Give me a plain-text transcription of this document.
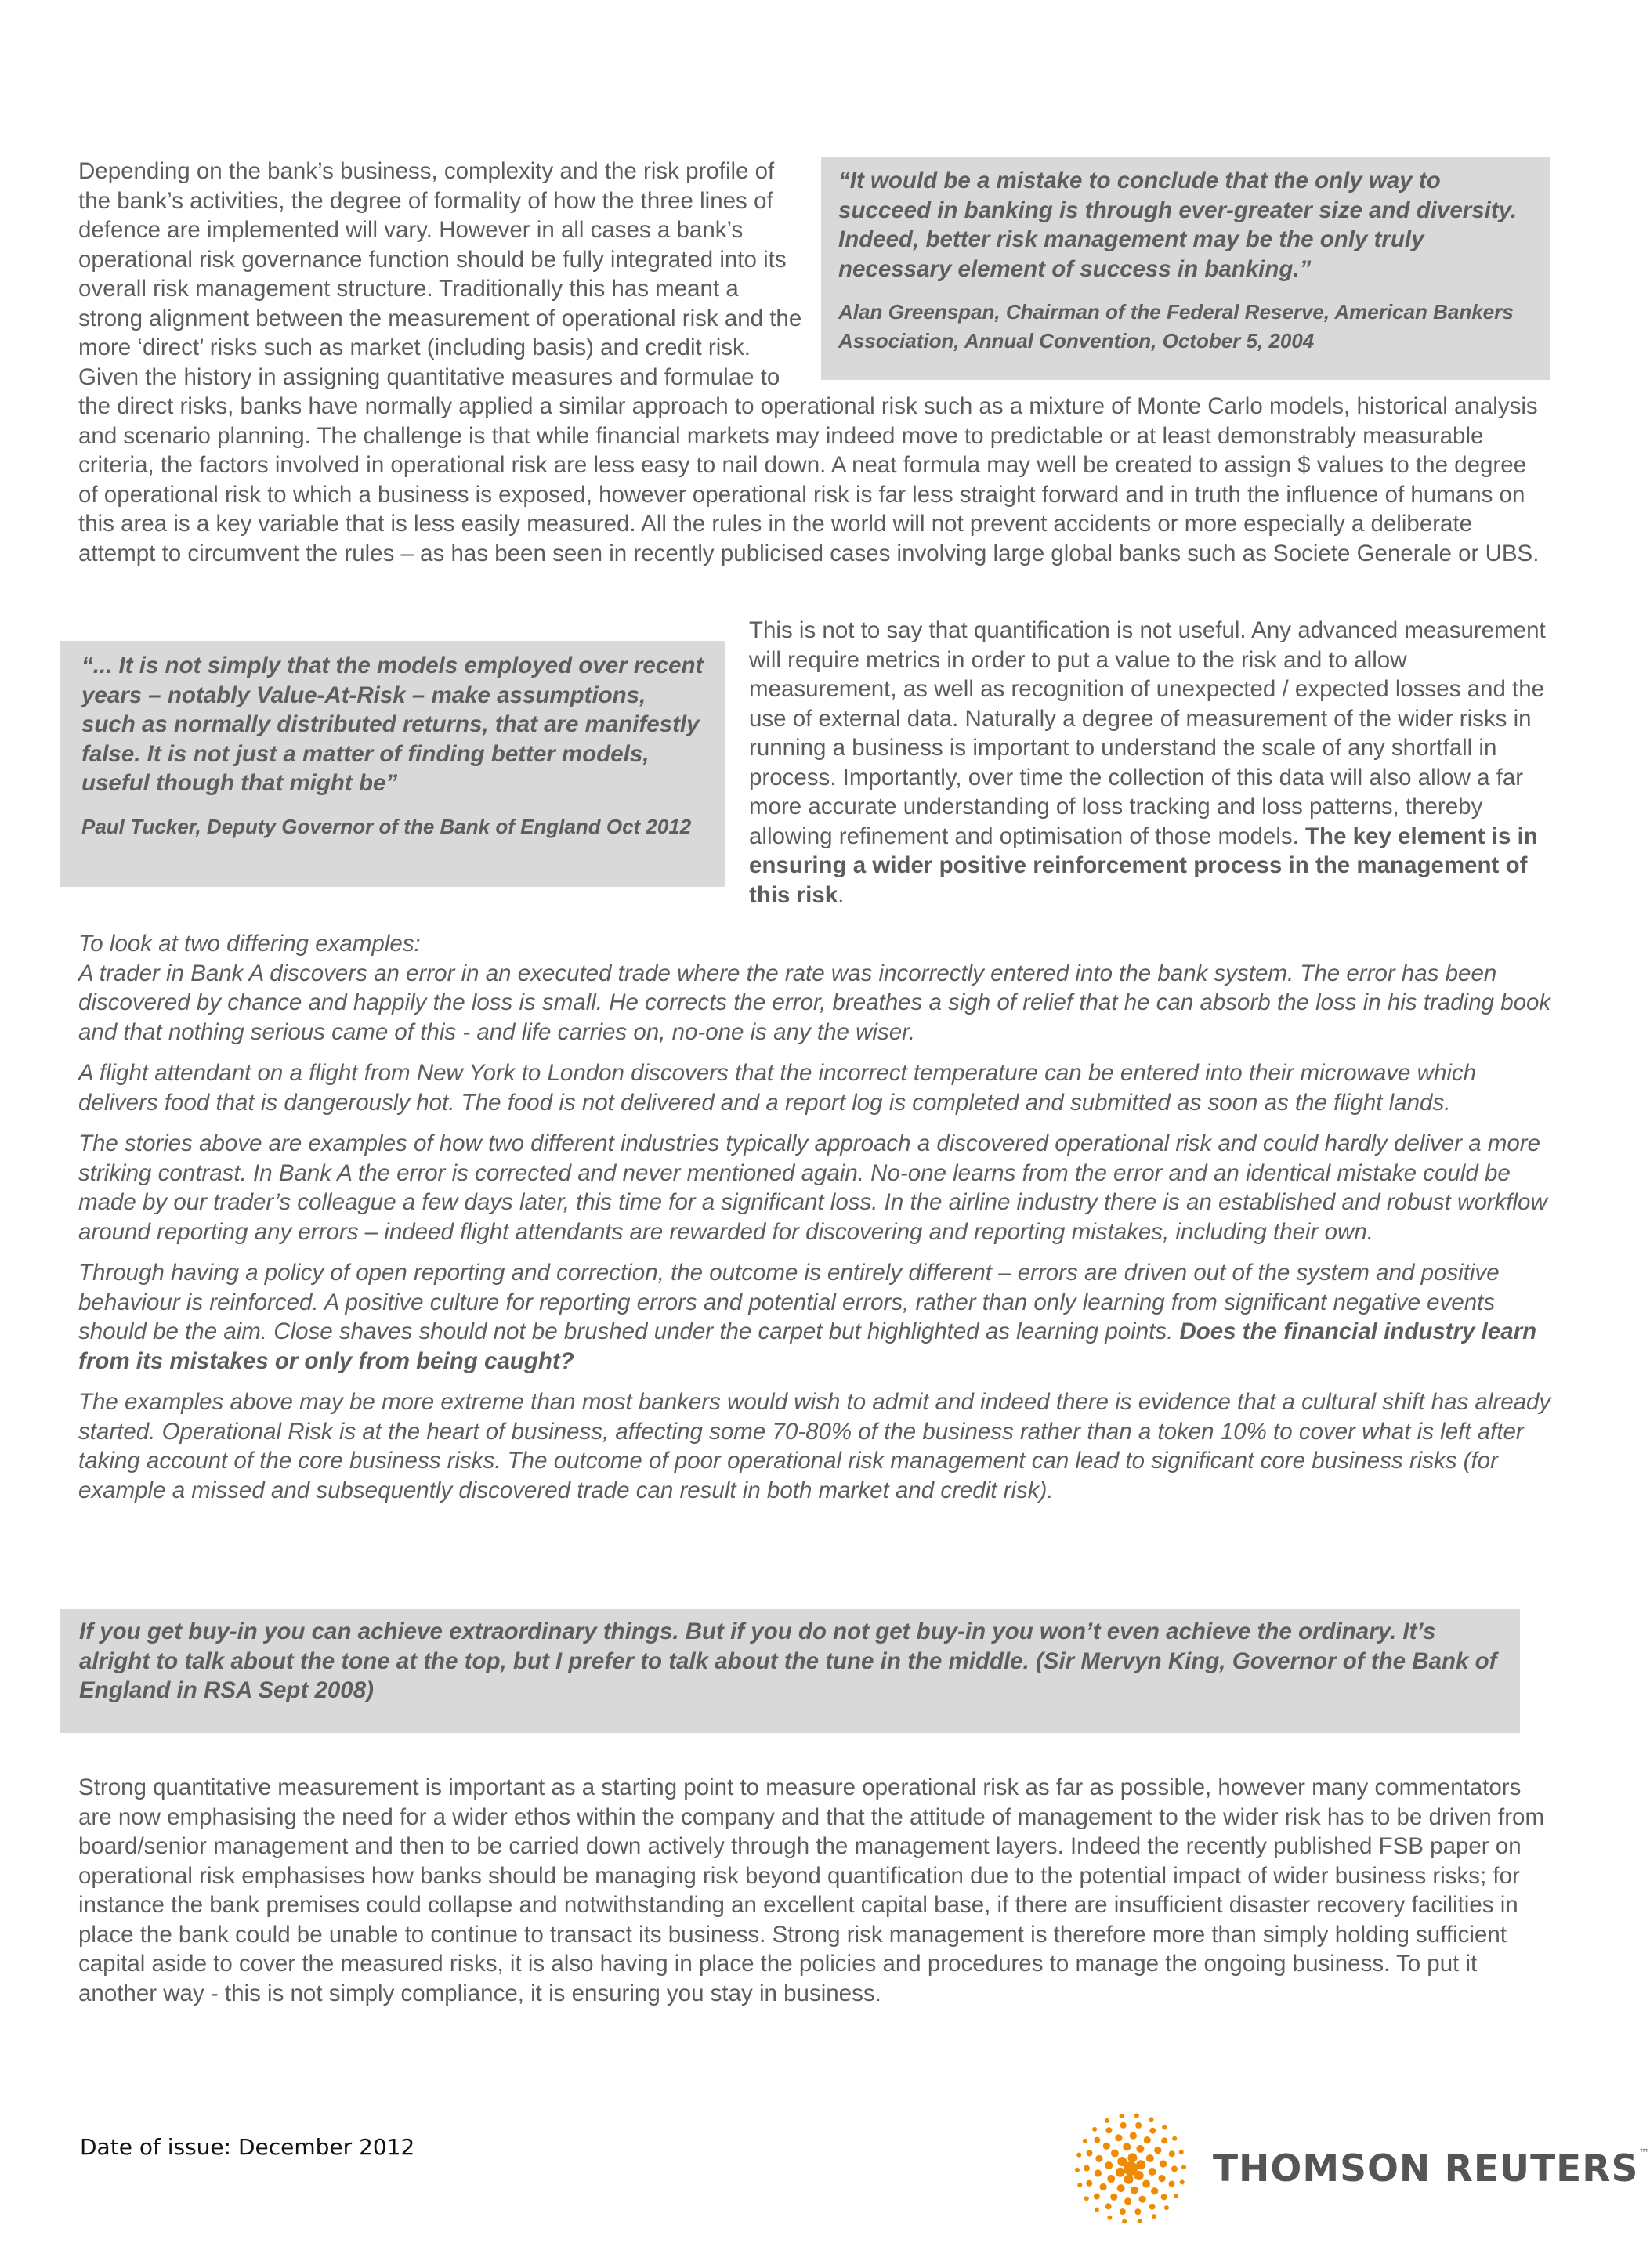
Depending on the bank’s business, complexity and the risk profile of the bank’s activities, the degree of formality of how the three lines of defence are implemented will vary. However in all cases a bank’s operational risk governance function should be fully integrated into its overall risk management structure. Traditionally this has meant a strong alignment between the measurement of operational risk and the more ‘direct’ risks such as market (including basis) and credit risk. Given the history in assigning quantitative measures and formulae to the direct risks, banks have normally applied a similar approach to operational risk such as a mixture of Monte Carlo models, historical analysis and scenario planning. The challenge is that while financial markets may indeed move to predictable or at least demonstrably measurable criteria, the factors involved in operational risk are less easy to nail down. A neat formula may well be created to assign $ values to the degree of operational risk to which a business is exposed, however operational risk is far less straight forward and in truth the influence of humans on this area is a key variable that is less easily measured. All the rules in the world will not prevent accidents or more especially a deliberate attempt to circumvent the rules – as has been seen in recently publicised cases involving large global banks such as Societe Generale or UBS.
“It would be a mistake to conclude that the only way to succeed in banking is through ever-greater size and diversity. Indeed, better risk management may be the only truly necessary element of success in banking.”
Alan Greenspan, Chairman of the Federal Reserve, American Bankers Association, Annual Convention, October 5, 2004
“... It is not simply that the models employed over recent years – notably Value-At-Risk – make assumptions, such as normally distributed returns, that are manifestly false. It is not just a matter of finding better models, useful though that might be”
Paul Tucker, Deputy Governor of the Bank of England Oct 2012
This is not to say that quantification is not useful. Any advanced measurement will require metrics in order to put a value to the risk and to allow measurement, as well as recognition of unexpected / expected losses and the use of external data. Naturally a degree of measurement of the wider risks in running a business is important to understand the scale of any shortfall in process. Importantly, over time the collection of this data will also allow a far more accurate understanding of loss tracking and loss patterns, thereby allowing refinement and optimisation of those models. The key element is in ensuring a wider positive reinforcement process in the management of this risk.

To look at two differing examples:
A trader in Bank A discovers an error in an executed trade where the rate was incorrectly entered into the bank system. The error has been discovered by chance and happily the loss is small. He corrects the error, breathes a sigh of relief that he can absorb the loss in his trading book and that nothing serious came of this - and life carries on, no-one is any the wiser.

A flight attendant on a flight from New York to London discovers that the incorrect temperature can be entered into their microwave which delivers food that is dangerously hot. The food is not delivered and a report log is completed and submitted as soon as the flight lands.

The stories above are examples of how two different industries typically approach a discovered operational risk and could hardly deliver a more striking contrast. In Bank A the error is corrected and never mentioned again. No-one learns from the error and an identical mistake could be made by our trader’s colleague a few days later, this time for a significant loss. In the airline industry there is an established and robust workflow around reporting any errors – indeed flight attendants are rewarded for discovering and reporting mistakes, including their own.

Through having a policy of open reporting and correction, the outcome is entirely different – errors are driven out of the system and positive behaviour is reinforced. A positive culture for reporting errors and potential errors, rather than only learning from significant negative events should be the aim. Close shaves should not be brushed under the carpet but highlighted as learning points. Does the financial industry learn from its mistakes or only from being caught?

The examples above may be more extreme than most bankers would wish to admit and indeed there is evidence that a cultural shift has already started. Operational Risk is at the heart of business, affecting some 70-80% of the business rather than a token 10% to cover what is left after taking account of the core business risks. The outcome of poor operational risk management can lead to significant core business risks (for example a missed and subsequently discovered trade can result in both market and credit risk).

If you get buy-in you can achieve extraordinary things. But if you do not get buy-in you won’t even achieve the ordinary. It’s alright to talk about the tone at the top, but I prefer to talk about the tune in the middle. (Sir Mervyn King, Governor of the Bank of England in RSA Sept 2008)
Strong quantitative measurement is important as a starting point to measure operational risk as far as possible, however many commentators are now emphasising the need for a wider ethos within the company and that the attitude of management to the wider risk has to be driven from board/senior management and then to be carried down actively through the management layers. Indeed the recently published FSB paper on operational risk emphasises how banks should be managing risk beyond quantification due to the potential impact of wider business risks; for instance the bank premises could collapse and notwithstanding an excellent capital base, if there are insufficient disaster recovery facilities in place the bank could be unable to continue to transact its business. Strong risk management is therefore more than simply holding sufficient capital aside to cover the measured risks, it is also having in place the policies and procedures to manage the ongoing business. To put it another way - this is not simply compliance, it is ensuring you stay in business.
Date of issue: December 2012
THOMSON REUTERS™
